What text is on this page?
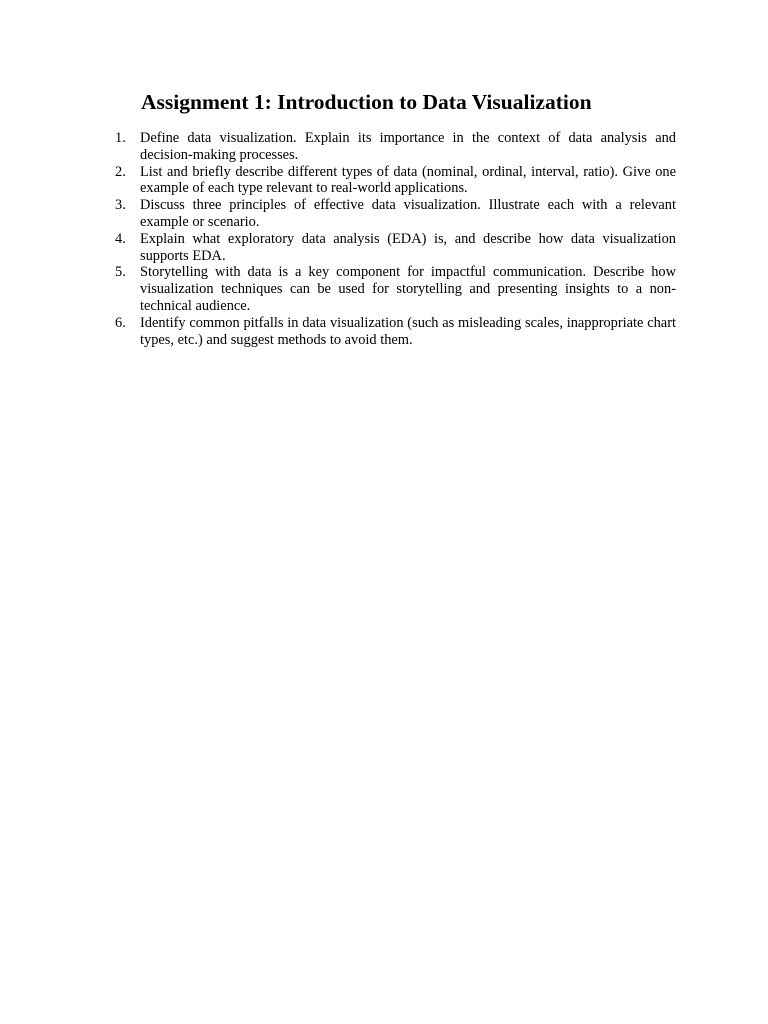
Assignment 1: Introduction to Data Visualization
1. Define data visualization. Explain its importance in the context of data analysis and decision-making processes.
2. List and briefly describe different types of data (nominal, ordinal, interval, ratio). Give one example of each type relevant to real-world applications.
3. Discuss three principles of effective data visualization. Illustrate each with a relevant example or scenario.
4. Explain what exploratory data analysis (EDA) is, and describe how data visualization supports EDA.
5. Storytelling with data is a key component for impactful communication. Describe how visualization techniques can be used for storytelling and presenting insights to a non-technical audience.
6. Identify common pitfalls in data visualization (such as misleading scales, inappropriate chart types, etc.) and suggest methods to avoid them.
